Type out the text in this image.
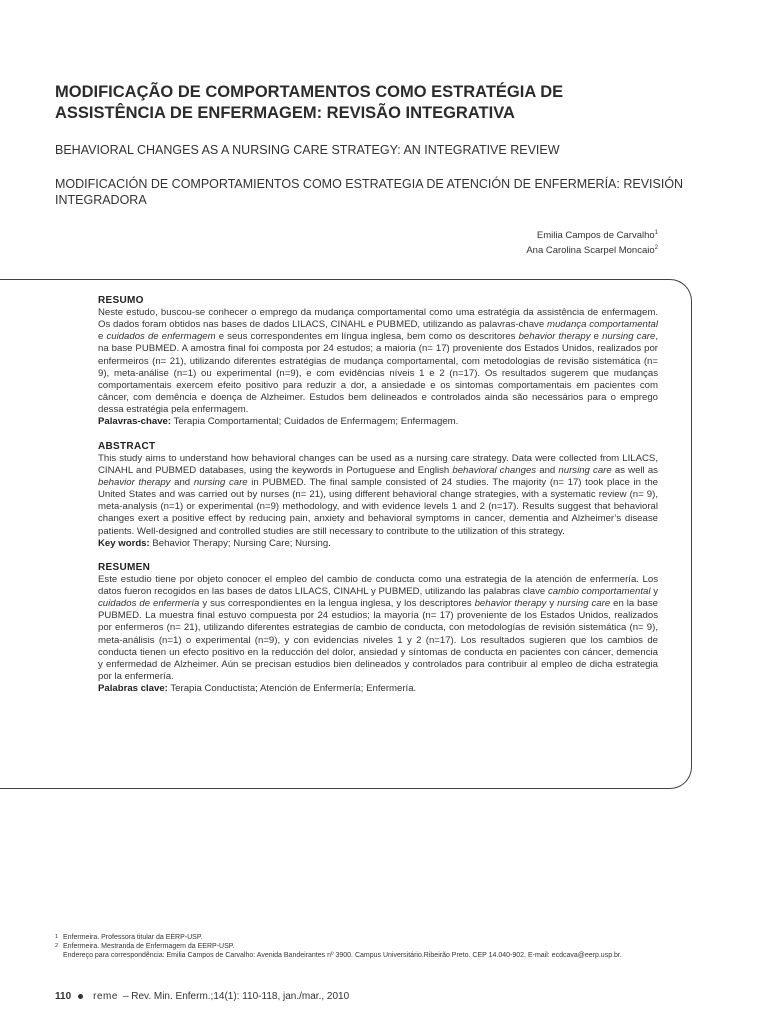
MODIFICAÇÃO DE COMPORTAMENTOS COMO ESTRATÉGIA DE ASSISTÊNCIA DE ENFERMAGEM: REVISÃO INTEGRATIVA
BEHAVIORAL CHANGES AS A NURSING CARE STRATEGY: AN INTEGRATIVE REVIEW
MODIFICACIÓN DE COMPORTAMIENTOS COMO ESTRATEGIA DE ATENCIÓN DE ENFERMERÍA: REVISIÓN INTEGRADORA
Emilia Campos de Carvalho$^1$
Ana Carolina Scarpel Moncaio$^2$
RESUMO

Neste estudo, buscou-se conhecer o emprego da mudança comportamental como uma estratégia da assistência de enfermagem. Os dados foram obtidos nas bases de dados LILACS, CINAHL e PUBMED, utilizando as palavras-chave mudança comportamental e cuidados de enfermagem e seus correspondentes em língua inglesa, bem como os descritores behavior therapy e nursing care, na base PUBMED. A amostra final foi composta por 24 estudos; a maioria (n= 17) proveniente dos Estados Unidos, realizados por enfermeiros (n= 21), utilizando diferentes estratégias de mudança comportamental, com metodologias de revisão sistemática (n= 9), meta-análise (n=1) ou experimental (n=9), e com evidências níveis 1 e 2 (n=17). Os resultados sugerem que mudanças comportamentais exercem efeito positivo para reduzir a dor, a ansiedade e os sintomas comportamentais em pacientes com câncer, com demência e doença de Alzheimer. Estudos bem delineados e controlados ainda são necessários para o emprego dessa estratégia pela enfermagem.

Palavras-chave: Terapia Comportamental; Cuidados de Enfermagem; Enfermagem.

ABSTRACT

This study aims to understand how behavioral changes can be used as a nursing care strategy. Data were collected from LILACS, CINAHL and PUBMED databases, using the keywords in Portuguese and English behavioral changes and nursing care as well as behavior therapy and nursing care in PUBMED. The final sample consisted of 24 studies. The majority (n= 17) took place in the United States and was carried out by nurses (n= 21), using different behavioral change strategies, with a systematic review (n= 9), meta-analysis (n=1) or experimental (n=9) methodology, and with evidence levels 1 and 2 (n=17). Results suggest that behavioral changes exert a positive effect by reducing pain, anxiety and behavioral symptoms in cancer, dementia and Alzheimer’s disease patients. Well-designed and controlled studies are still necessary to contribute to the utilization of this strategy.

Key words: Behavior Therapy; Nursing Care; Nursing.

RESUMEN

Este estudio tiene por objeto conocer el empleo del cambio de conducta como una estrategia de la atención de enfermería. Los datos fueron recogidos en las bases de datos LILACS, CINAHL y PUBMED, utilizando las palabras clave cambio comportamental y cuidados de enfermería y sus correspondientes en la lengua inglesa, y los descriptores behavior therapy y nursing care en la base PUBMED. La muestra final estuvo compuesta por 24 estudios; la mayoría (n= 17) proveniente de los Estados Unidos, realizados por enfermeros (n= 21), utilizando diferentes estrategias de cambio de conducta, con metodologías de revisión sistemática (n= 9), meta-análisis (n=1) o experimental (n=9), y con evidencias niveles 1 y 2 (n=17). Los resultados sugieren que los cambios de conducta tienen un efecto positivo en la reducción del dolor, ansiedad y síntomas de conducta en pacientes con cáncer, demencia y enfermedad de Alzheimer. Aún se precisan estudios bien delineados y controlados para contribuir al empleo de dicha estrategia por la enfermería.

Palabras clave: Terapia Conductista; Atención de Enfermería; Enfermería.

1 Enfermeira. Professora titular da EERP-USP.
2 Enfermeira. Mestranda de Enfermagem da EERP-USP.
Endereço para correspondência: Emilia Campos de Carvalho: Avenida Bandeirantes nº 3900. Campus Universitário.Ribeirão Preto. CEP 14.040-902. E-mail: ecdcava@eerp.usp.br.
110 reme – Rev. Min. Enferm.;14(1): 110-118, jan./mar., 2010
